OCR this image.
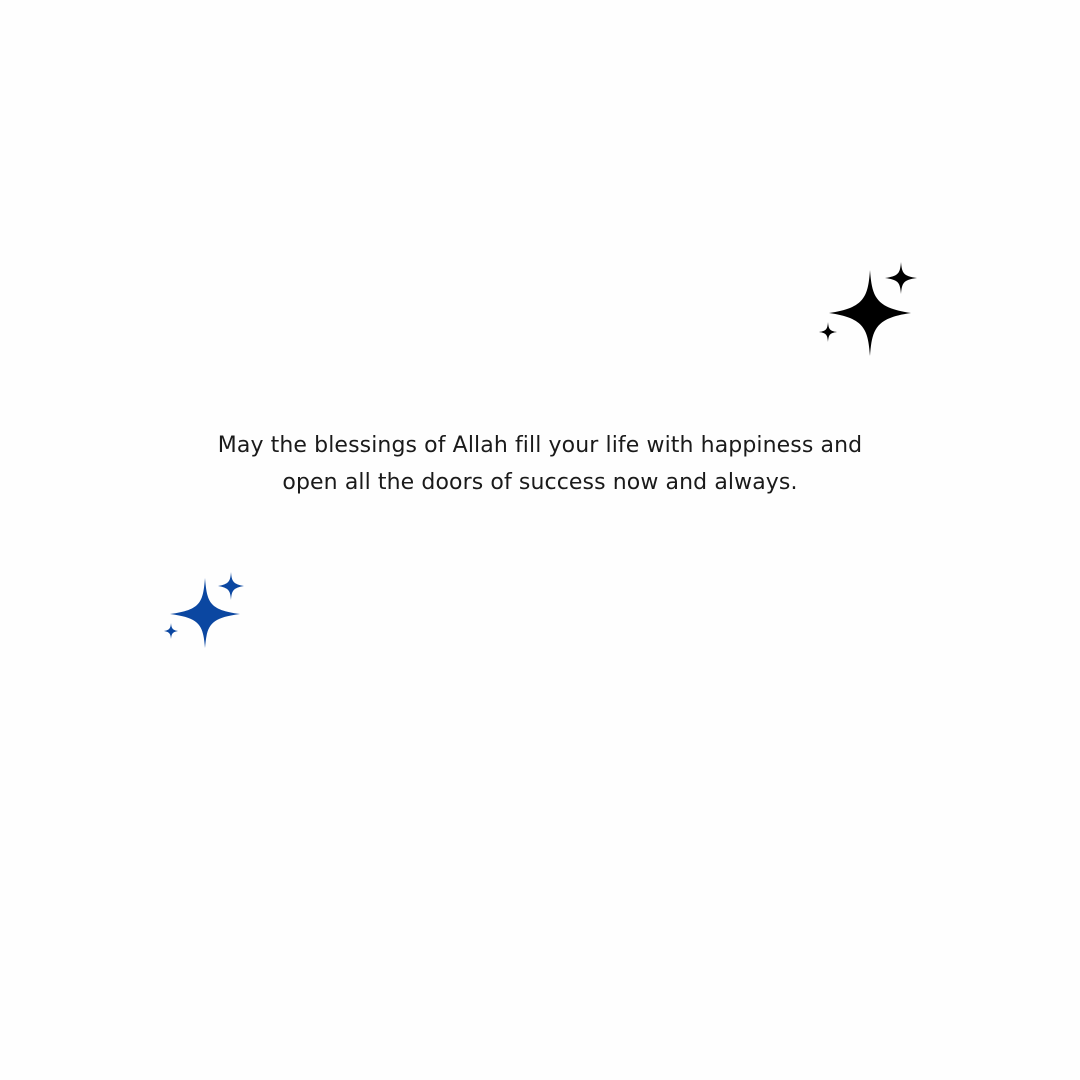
May the blessings of Allah fill your life with happiness and
open all the doors of success now and always.
